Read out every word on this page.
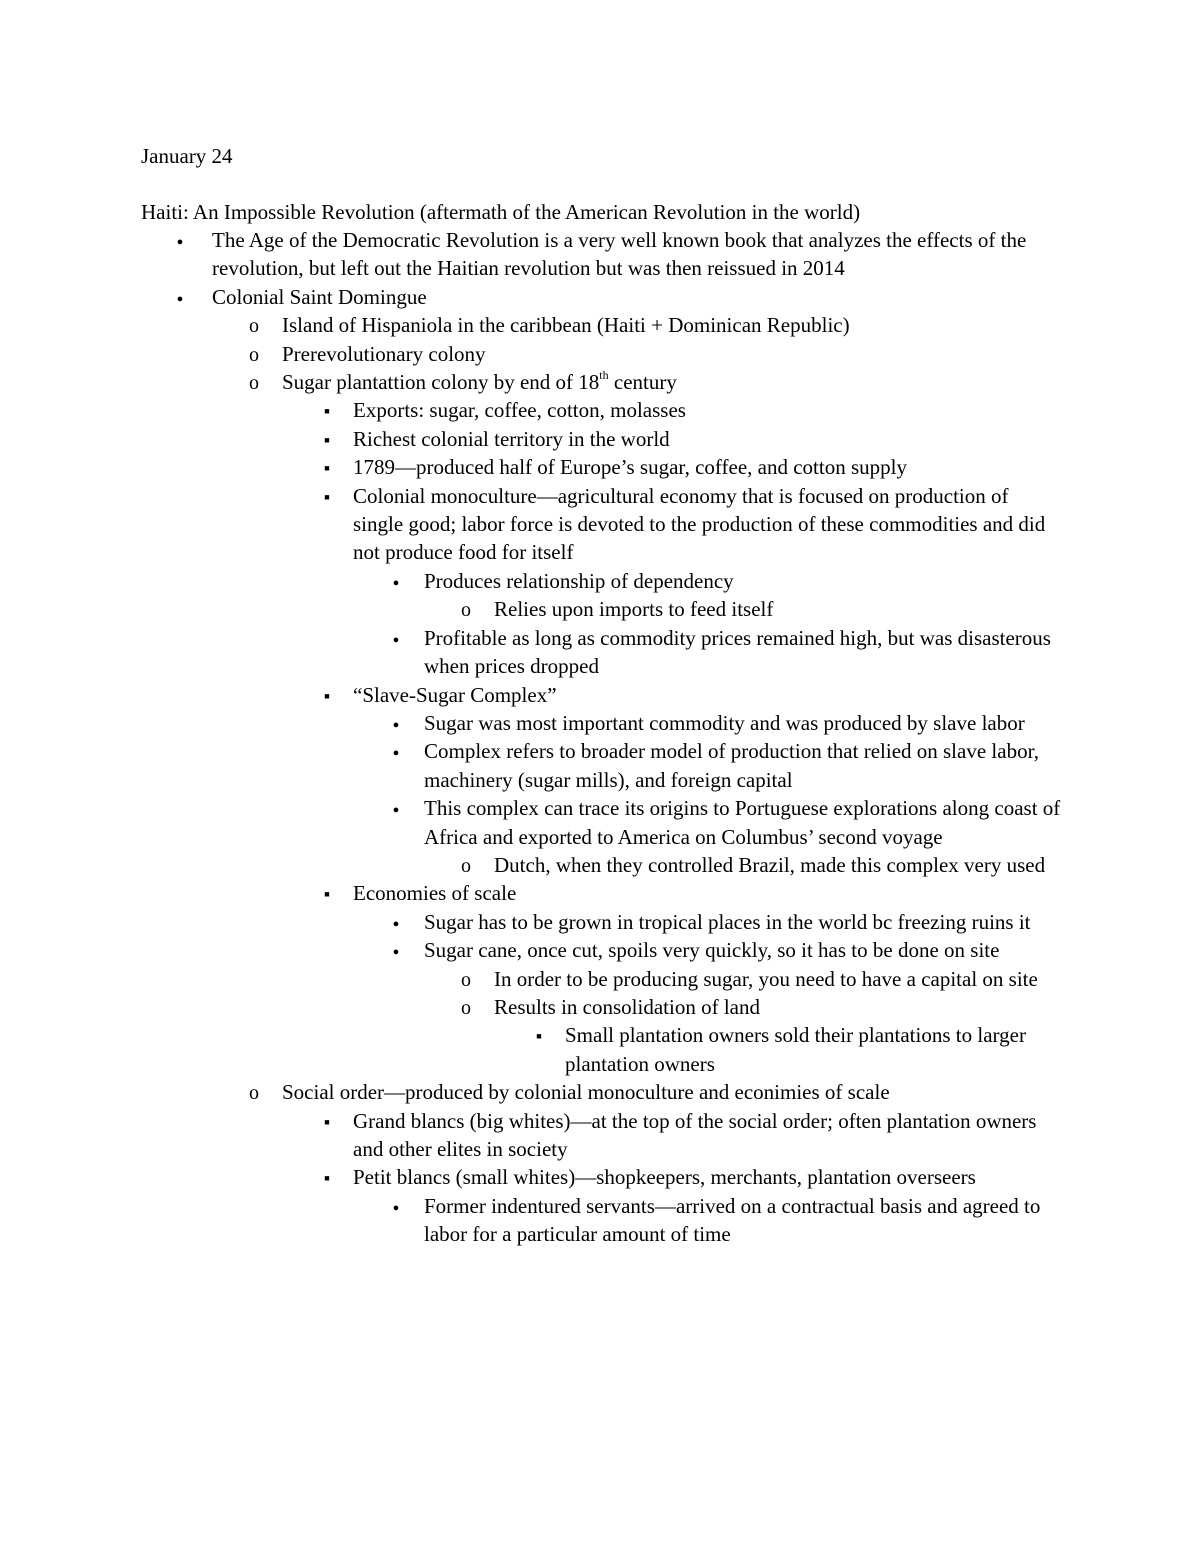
January 24
Haiti: An Impossible Revolution (aftermath of the American Revolution in the world)
●
The Age of the Democratic Revolution is a very well known book that analyzes the effects of the revolution, but left out the Haitian revolution but was then reissued in 2014
●
Colonial Saint Domingue
o
Island of Hispaniola in the caribbean (Haiti + Dominican Republic)
o
Prerevolutionary colony
o
Sugar plantattion colony by end of 18th century
■
Exports: sugar, coffee, cotton, molasses
■
Richest colonial territory in the world
■
1789—produced half of Europe’s sugar, coffee, and cotton supply
■
Colonial monoculture—agricultural economy that is focused on production of single good; labor force is devoted to the production of these commodities and did not produce food for itself
●
Produces relationship of dependency
o
Relies upon imports to feed itself
●
Profitable as long as commodity prices remained high, but was disasterous when prices dropped
■
“Slave-Sugar Complex”
●
Sugar was most important commodity and was produced by slave labor
●
Complex refers to broader model of production that relied on slave labor, machinery (sugar mills), and foreign capital
●
This complex can trace its origins to Portuguese explorations along coast of Africa and exported to America on Columbus’ second voyage
o
Dutch, when they controlled Brazil, made this complex very used
■
Economies of scale
●
Sugar has to be grown in tropical places in the world bc freezing ruins it
●
Sugar cane, once cut, spoils very quickly, so it has to be done on site
o
In order to be producing sugar, you need to have a capital on site
o
Results in consolidation of land
■
Small plantation owners sold their plantations to larger plantation owners
o
Social order—produced by colonial monoculture and econimies of scale
■
Grand blancs (big whites)—at the top of the social order; often plantation owners and other elites in society
■
Petit blancs (small whites)—shopkeepers, merchants, plantation overseers
●
Former indentured servants—arrived on a contractual basis and agreed to labor for a particular amount of time
